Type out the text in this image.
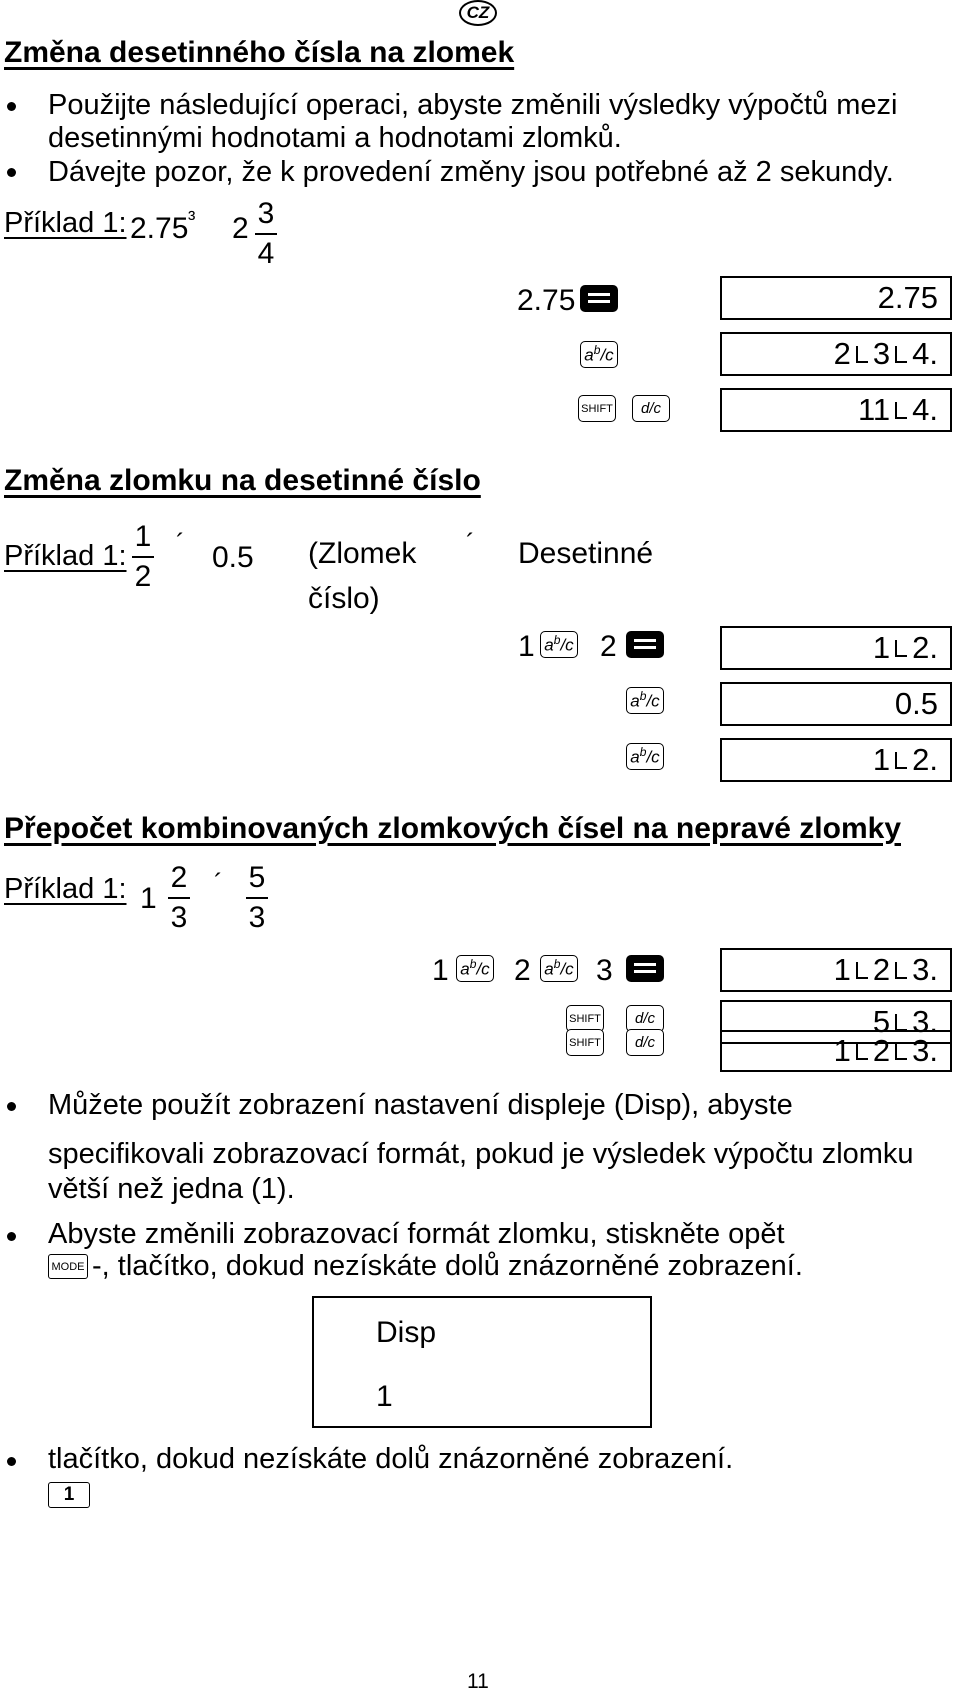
CZ
Změna desetinného čísla na zlomek
Použijte následující operaci, abyste změnili výsledky výpočtů mezi
desetinnými hodnotami a hodnotami zlomků.
Dávejte pozor, že k provedení změny jsou potřebné až 2 sekundy.
Příklad 1: 2.75 ³ 2 3
4
2.75	2.75
$a^b/c$	2 3 4.
SHIFT	d/c	11 4.
Změna zlomku na desetinné číslo
Příklad 1:
1
2
´ 0.5 (Zlomek ´
číslo)
Desetinné
1 $a^b/c$ 2	1 2.
$a^b/c$	0.5
$a^b/c$	1 2.
Přepočet kombinovaných zlomkových čísel na nepravé zlomky
Příklad 1: 1
2
3
´ 5
3
1 $a^b/c$ 2 $a^b/c$ 3	1 2 3.
SHIFT	d/c	5 3.
SHIFT	d/c	1 2 3.
Můžete použít zobrazení nastavení displeje (Disp), abyste
specifikovali zobrazovací formát, pokud je výsledek výpočtu zlomku
větší než jedna (1).
Abyste změnili zobrazovací formát zlomku, stiskněte opět
MODE -, tlačítko, dokud nezískáte dolů znázorněné zobrazení.
Disp
1
tlačítko, dokud nezískáte dolů znázorněné zobrazení.
1
11
